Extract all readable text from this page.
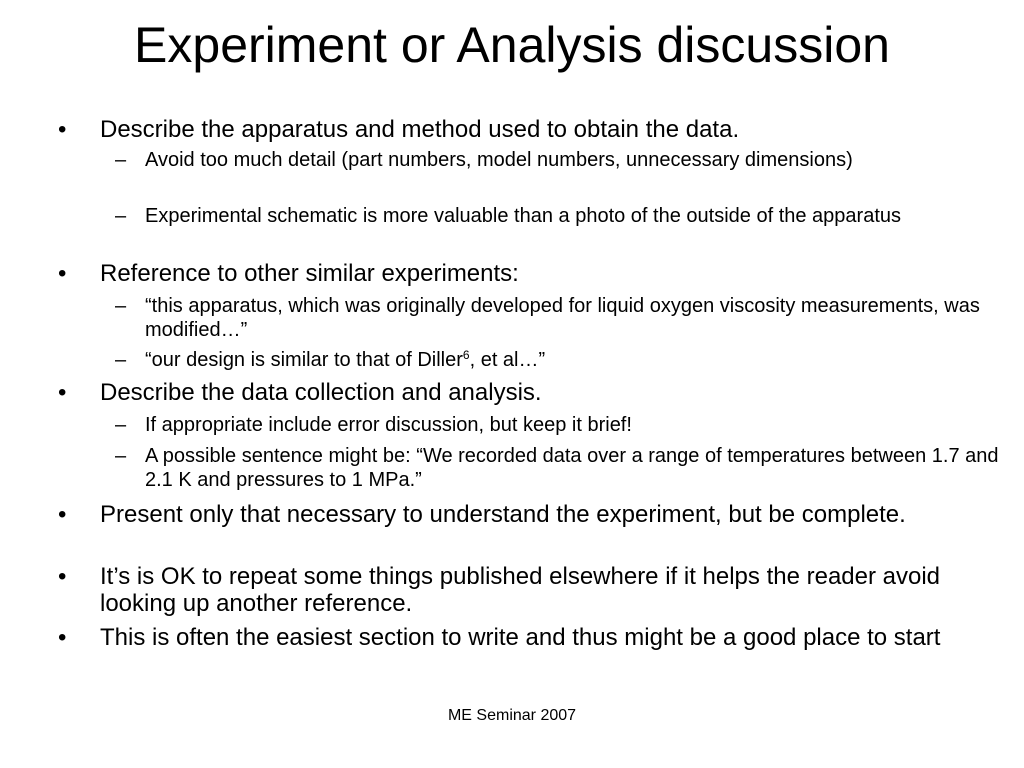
Experiment or Analysis discussion
• Describe the apparatus and method used to obtain the data.
– Avoid too much detail (part numbers, model numbers, unnecessary dimensions)
– Experimental schematic is more valuable than a photo of the outside of the apparatus
• Reference to other similar experiments:
– “this apparatus, which was originally developed for liquid oxygen viscosity measurements, was modified…”
– “our design is similar to that of Diller$^6$, et al…”
• Describe the data collection and analysis.
– If appropriate include error discussion, but keep it brief!
– A possible sentence might be: “We recorded data over a range of temperatures between 1.7 and 2.1 K and pressures to 1 MPa.”
• Present only that necessary to understand the experiment, but be complete.
• It’s is OK to repeat some things published elsewhere if it helps the reader avoid looking up another reference.
• This is often the easiest section to write and thus might be a good place to start
ME Seminar 2007
